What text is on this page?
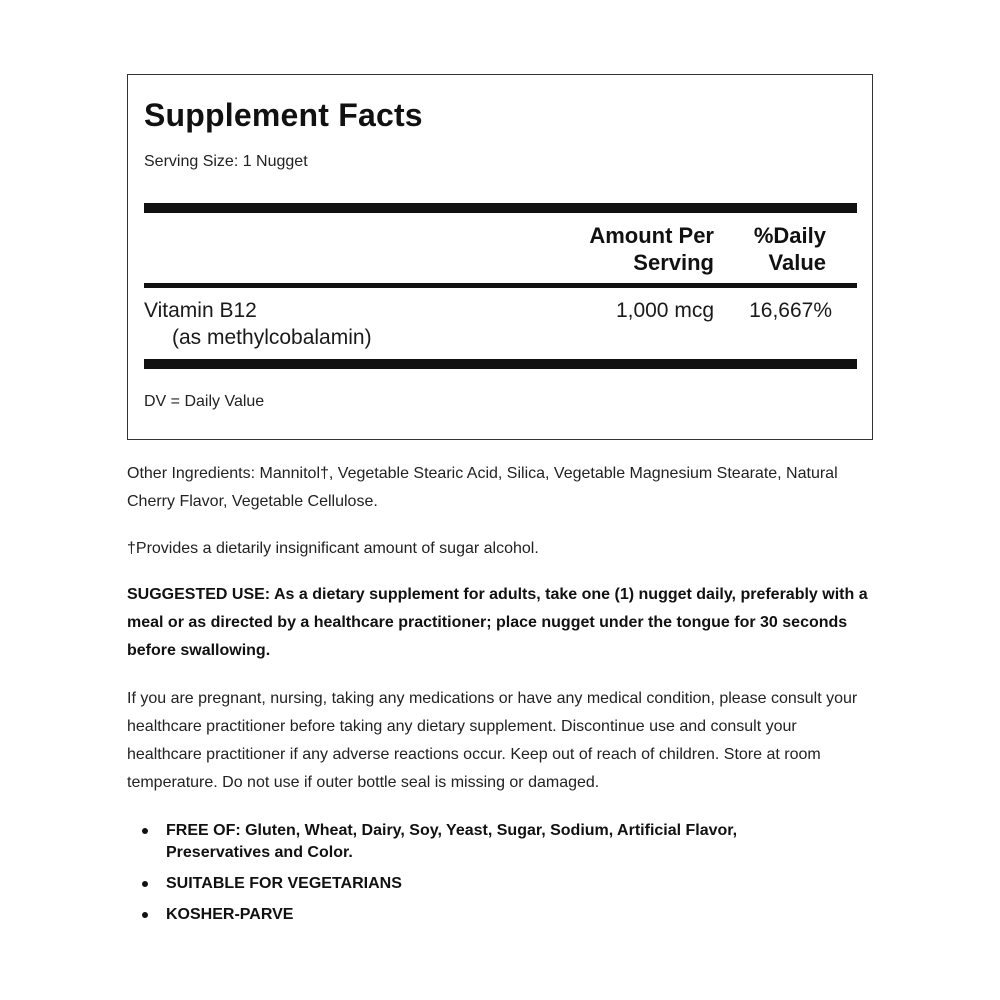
Supplement Facts
Serving Size: 1 Nugget
Amount Per
Serving
%Daily
Value
Vitamin B12
(as methylcobalamin)
1,000 mcg 16,667%
DV = Daily Value
Other Ingredients: Mannitol†, Vegetable Stearic Acid, Silica, Vegetable Magnesium Stearate, Natural Cherry Flavor, Vegetable Cellulose.
†Provides a dietarily insignificant amount of sugar alcohol.
SUGGESTED USE: As a dietary supplement for adults, take one (1) nugget daily, preferably with a meal or as directed by a healthcare practitioner; place nugget under the tongue for 30 seconds before swallowing.
If you are pregnant, nursing, taking any medications or have any medical condition, please consult your healthcare practitioner before taking any dietary supplement. Discontinue use and consult your healthcare practitioner if any adverse reactions occur. Keep out of reach of children. Store at room temperature. Do not use if outer bottle seal is missing or damaged.
FREE OF: Gluten, Wheat, Dairy, Soy, Yeast, Sugar, Sodium, Artificial Flavor, Preservatives and Color.
SUITABLE FOR VEGETARIANS
KOSHER-PARVE
